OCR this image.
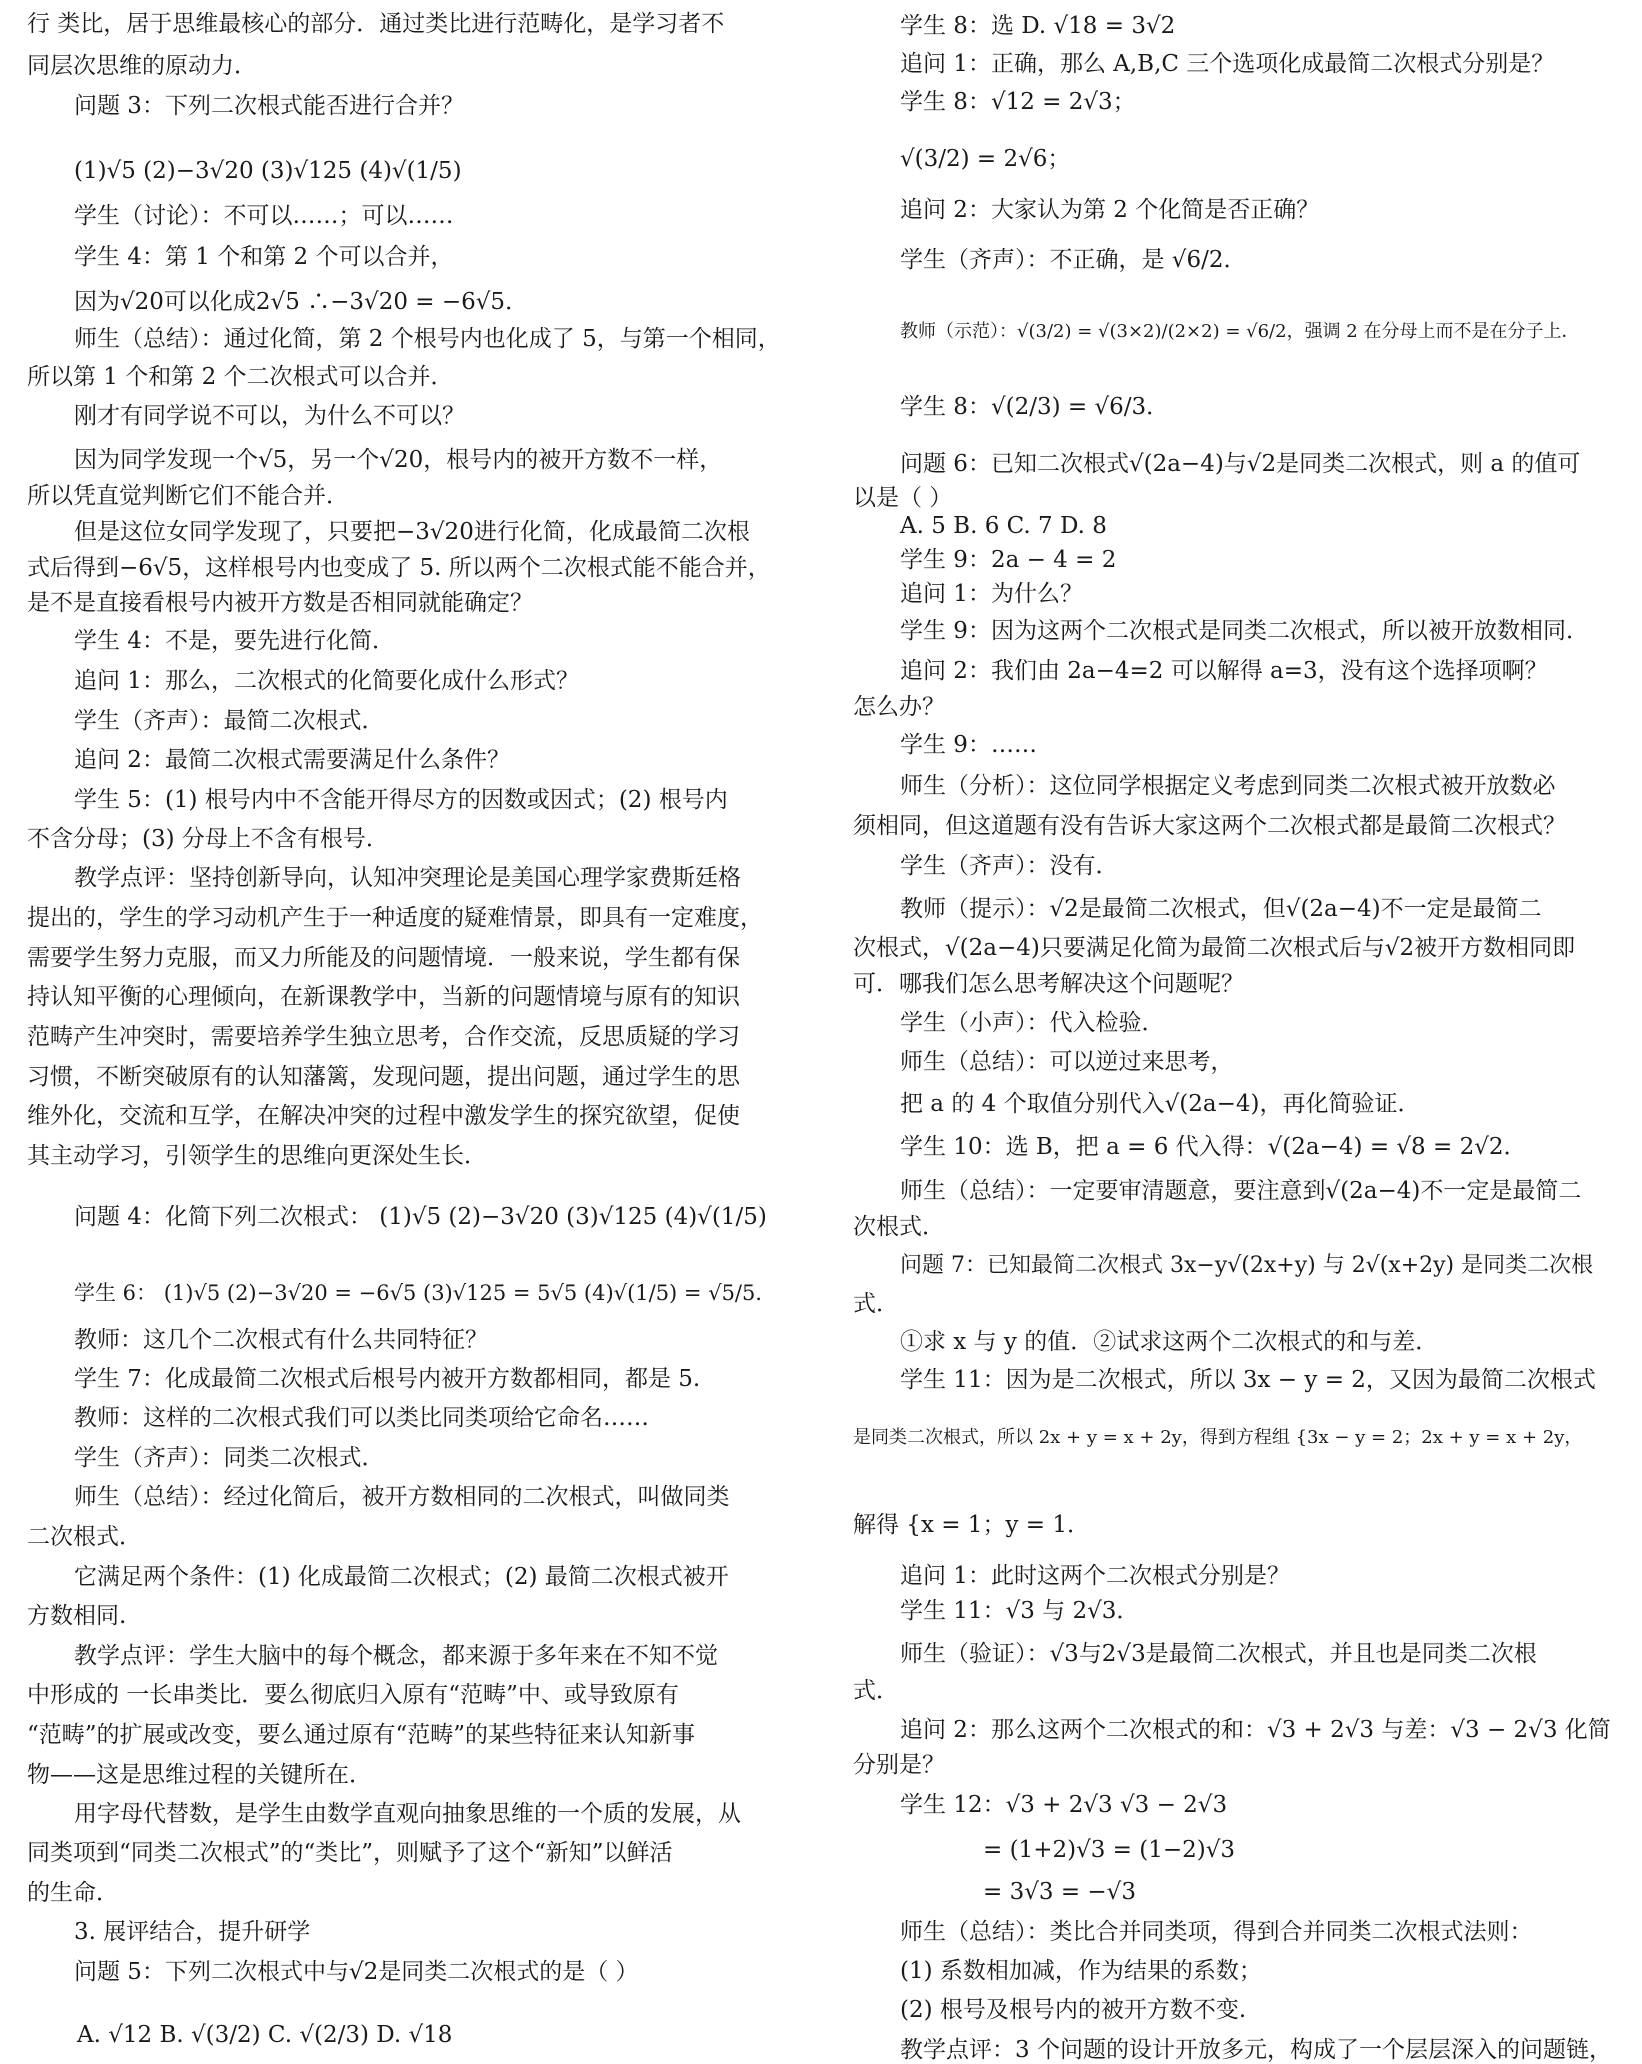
行 类比，居于思维最核心的部分．通过类比进行范畴化，是学习者不
同层次思维的原动力．
问题 3：下列二次根式能否进行合并？
(1)√5 (2)−3√20 (3)√125 (4)√(1/5)
学生（讨论）：不可以……；可以……
学生 4：第 1 个和第 2 个可以合并，
因为√20可以化成2√5 ∴−3√20 = −6√5．
师生（总结）：通过化简，第 2 个根号内也化成了 5，与第一个相同，
所以第 1 个和第 2 个二次根式可以合并．
刚才有同学说不可以，为什么不可以？
因为同学发现一个√5，另一个√20，根号内的被开方数不一样，
所以凭直觉判断它们不能合并．
但是这位女同学发现了，只要把−3√20进行化简，化成最简二次根
式后得到−6√5，这样根号内也变成了 5. 所以两个二次根式能不能合并，
是不是直接看根号内被开方数是否相同就能确定？
学生 4：不是，要先进行化简．
追问 1：那么，二次根式的化简要化成什么形式？
学生（齐声）：最简二次根式．
追问 2：最简二次根式需要满足什么条件？
学生 5：(1) 根号内中不含能开得尽方的因数或因式；(2) 根号内
不含分母；(3) 分母上不含有根号．
教学点评：坚持创新导向，认知冲突理论是美国心理学家费斯廷格
提出的，学生的学习动机产生于一种适度的疑难情景，即具有一定难度，
需要学生努力克服，而又力所能及的问题情境．一般来说，学生都有保
持认知平衡的心理倾向，在新课教学中，当新的问题情境与原有的知识
范畴产生冲突时，需要培养学生独立思考，合作交流，反思质疑的学习
习惯，不断突破原有的认知藩篱，发现问题，提出问题，通过学生的思
维外化，交流和互学，在解决冲突的过程中激发学生的探究欲望，促使
其主动学习，引领学生的思维向更深处生长．
问题 4：化简下列二次根式： (1)√5 (2)−3√20 (3)√125 (4)√(1/5)
学生 6： (1)√5 (2)−3√20 = −6√5 (3)√125 = 5√5 (4)√(1/5) = √5/5．
教师：这几个二次根式有什么共同特征？
学生 7：化成最简二次根式后根号内被开方数都相同，都是 5.
教师：这样的二次根式我们可以类比同类项给它命名……
学生（齐声）：同类二次根式．
师生（总结）：经过化简后，被开方数相同的二次根式，叫做同类
二次根式．
它满足两个条件：(1) 化成最简二次根式；(2) 最简二次根式被开
方数相同.
教学点评：学生大脑中的每个概念，都来源于多年来在不知不觉
中形成的 一长串类比．要么彻底归入原有“范畴”中、或导致原有
“范畴”的扩展或改变，要么通过原有“范畴”的某些特征来认知新事
物——这是思维过程的关键所在．
用字母代替数，是学生由数学直观向抽象思维的一个质的发展，从
同类项到“同类二次根式”的“类比”，则赋予了这个“新知”以鲜活
的生命．
3. 展评结合，提升研学
问题 5：下列二次根式中与√2是同类二次根式的是（ ）
A. √12 B. √(3/2) C. √(2/3) D. √18
学生 8：选 D. √18 = 3√2
追问 1：正确，那么 A,B,C 三个选项化成最简二次根式分别是？
学生 8：√12 = 2√3；
√(3/2) = 2√6；
追问 2：大家认为第 2 个化简是否正确？
学生（齐声）：不正确，是 √6/2．
教师（示范）：√(3/2) = √(3×2)/(2×2) = √6/2，强调 2 在分母上而不是在分子上．
学生 8：√(2/3) = √6/3．
问题 6：已知二次根式√(2a−4)与√2是同类二次根式，则 a 的值可
以是（ ）
A. 5 B. 6 C. 7 D. 8
学生 9：2a − 4 = 2
追问 1：为什么？
学生 9：因为这两个二次根式是同类二次根式，所以被开放数相同．
追问 2：我们由 2a−4=2 可以解得 a=3，没有这个选择项啊？
怎么办？
学生 9：……
师生（分析）：这位同学根据定义考虑到同类二次根式被开放数必
须相同，但这道题有没有告诉大家这两个二次根式都是最简二次根式？
学生（齐声）：没有．
教师（提示）：√2是最简二次根式，但√(2a−4)不一定是最简二
次根式，√(2a−4)只要满足化简为最简二次根式后与√2被开方数相同即
可．哪我们怎么思考解决这个问题呢？
学生（小声）：代入检验．
师生（总结）：可以逆过来思考，
把 a 的 4 个取值分别代入√(2a−4)，再化简验证．
学生 10：选 B，把 a = 6 代入得：√(2a−4) = √8 = 2√2．
师生（总结）：一定要审清题意，要注意到√(2a−4)不一定是最简二
次根式．
问题 7：已知最简二次根式 3x−y√(2x+y) 与 2√(x+2y) 是同类二次根
式．
①求 x 与 y 的值．②试求这两个二次根式的和与差．
学生 11：因为是二次根式，所以 3x − y = 2，又因为最简二次根式
是同类二次根式，所以 2x + y = x + 2y，得到方程组 {3x − y = 2；2x + y = x + 2y，
解得 {x = 1；y = 1．
追问 1：此时这两个二次根式分别是？
学生 11：√3 与 2√3．
师生（验证）：√3与2√3是最简二次根式，并且也是同类二次根
式．
追问 2：那么这两个二次根式的和：√3 + 2√3 与差：√3 − 2√3 化简
分别是？
学生 12：√3 + 2√3 √3 − 2√3
= (1+2)√3 = (1−2)√3
= 3√3 = −√3
师生（总结）：类比合并同类项，得到合并同类二次根式法则：
(1) 系数相加减，作为结果的系数；
(2) 根号及根号内的被开方数不变.
教学点评：3 个问题的设计开放多元，构成了一个层层深入的问题链，
